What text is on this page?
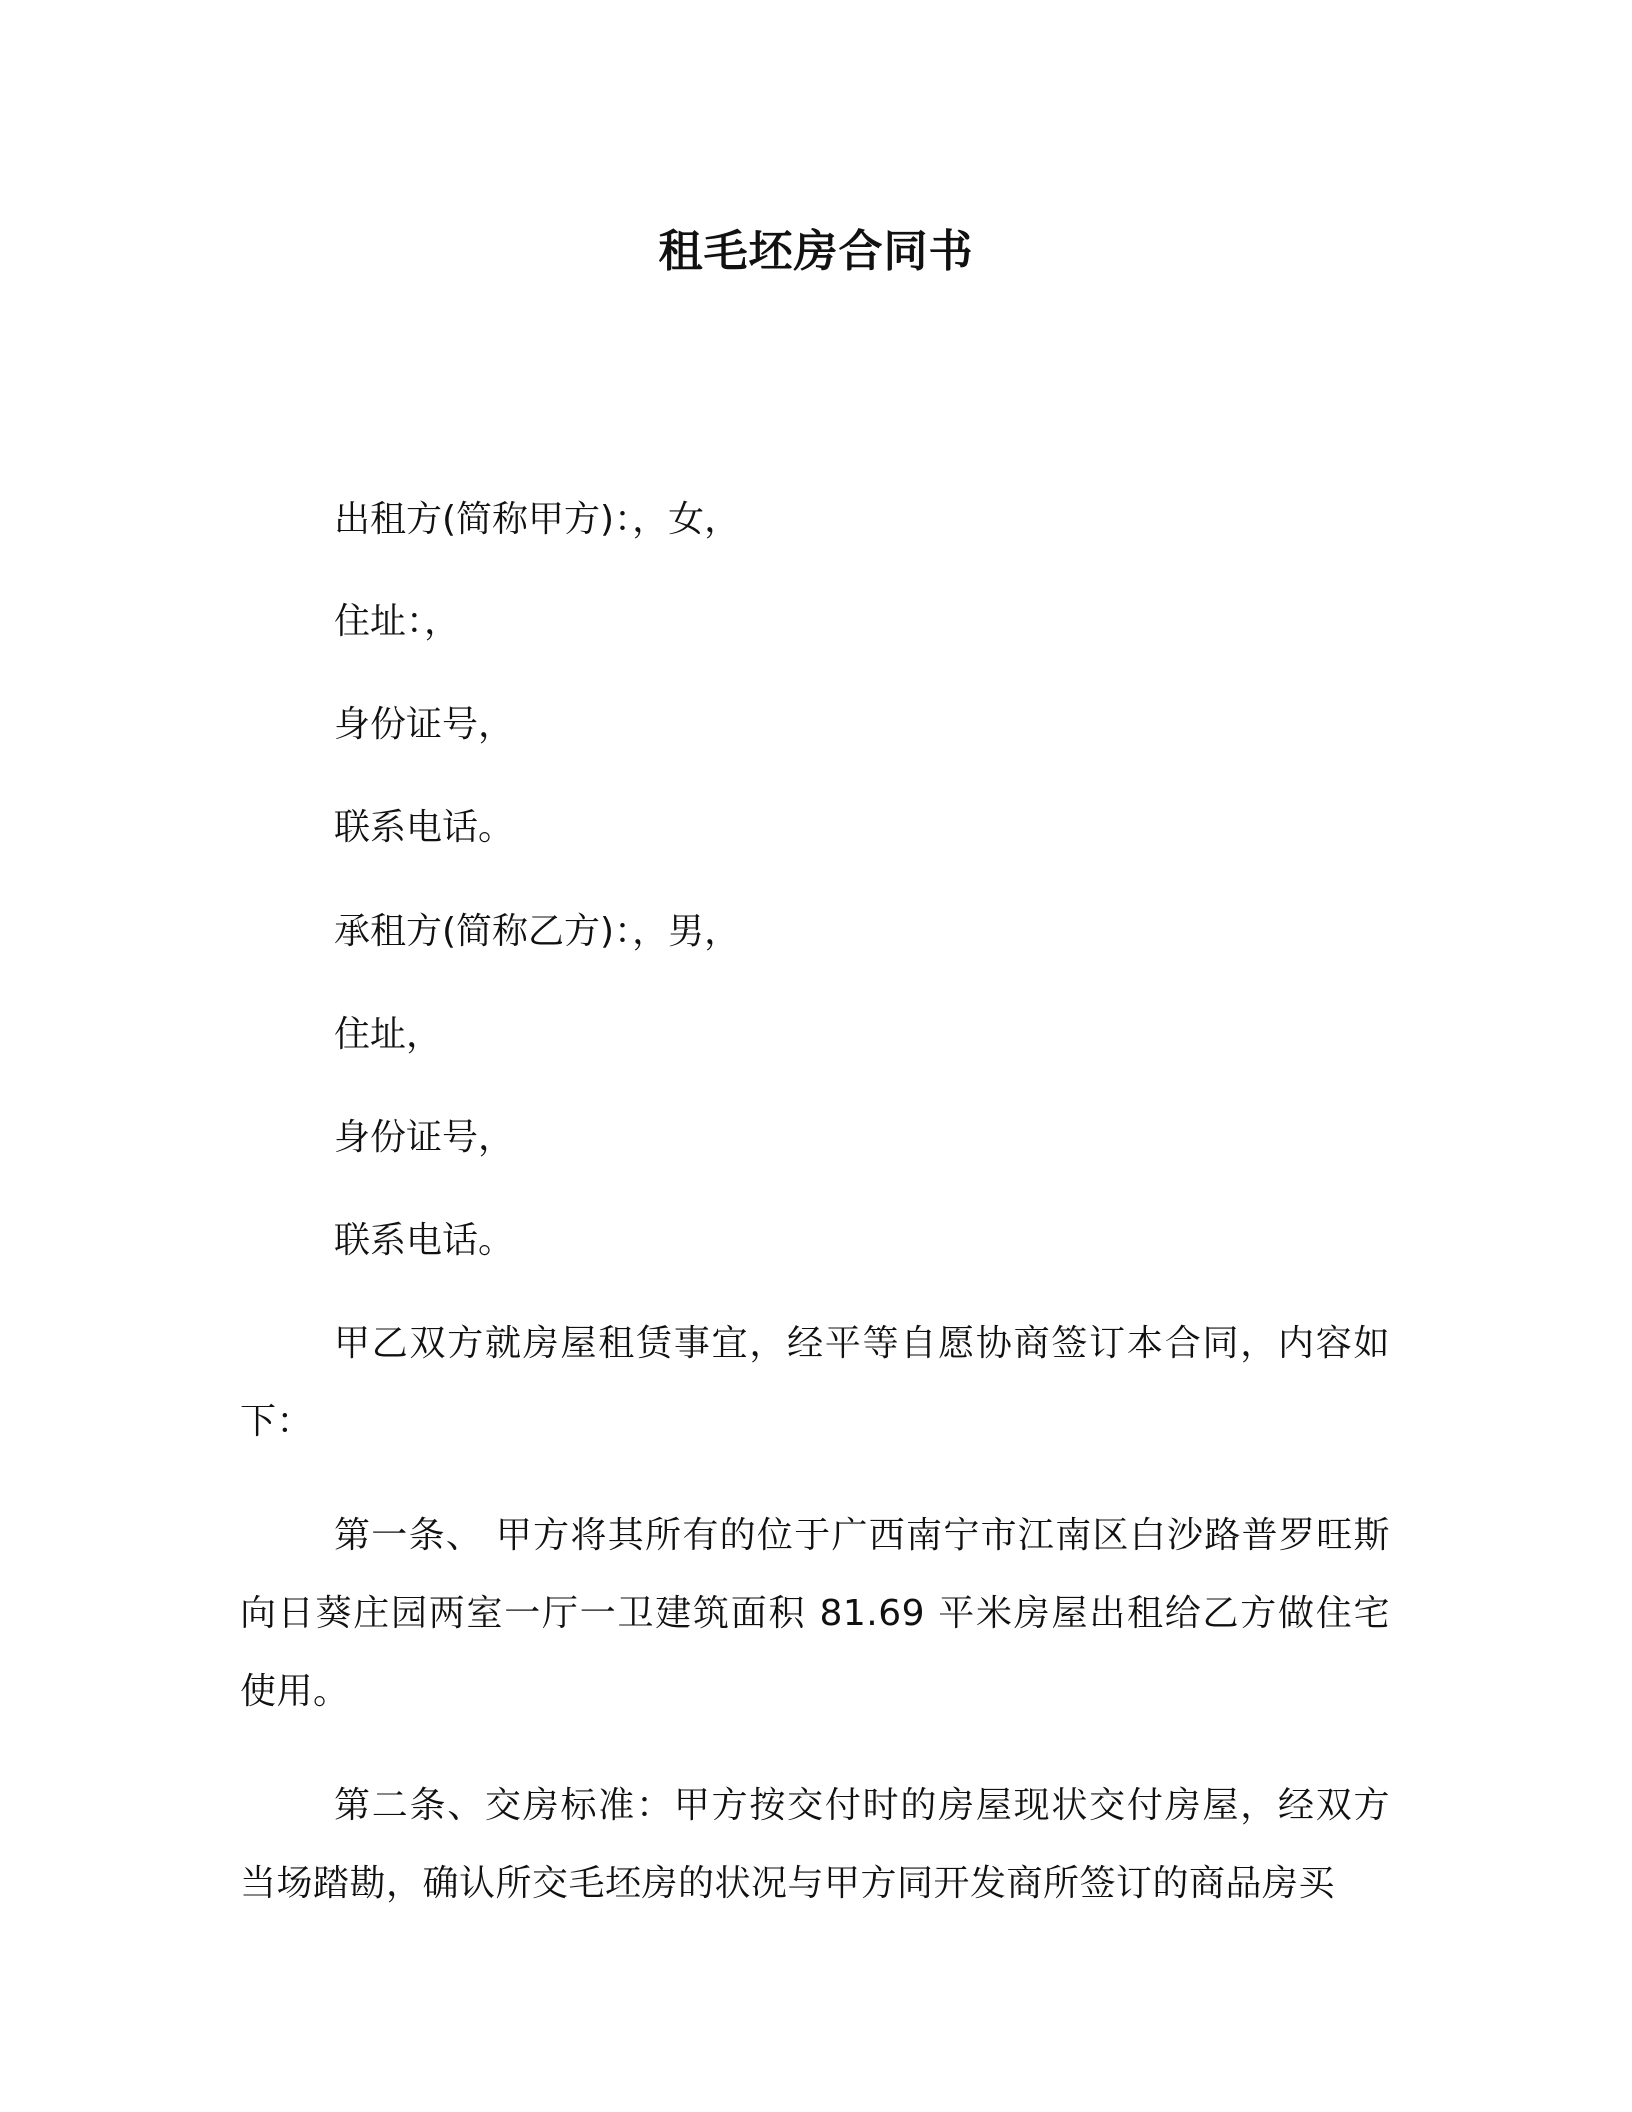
租毛坯房合同书

出租方(简称甲方)：，女，

住址：，

身份证号，

联系电话。

承租方(简称乙方)：，男，

住址，

身份证号，

联系电话。

甲乙双方就房屋租赁事宜，经平等自愿协商签订本合同，内容如下：

第一条、 甲方将其所有的位于广西南宁市江南区白沙路普罗旺斯向日葵庄园两室一厅一卫建筑面积 81.69 平米房屋出租给乙方做住宅使用。

第二条、交房标准：甲方按交付时的房屋现状交付房屋，经双方当场踏勘，确认所交毛坯房的状况与甲方同开发商所签订的商品房买
